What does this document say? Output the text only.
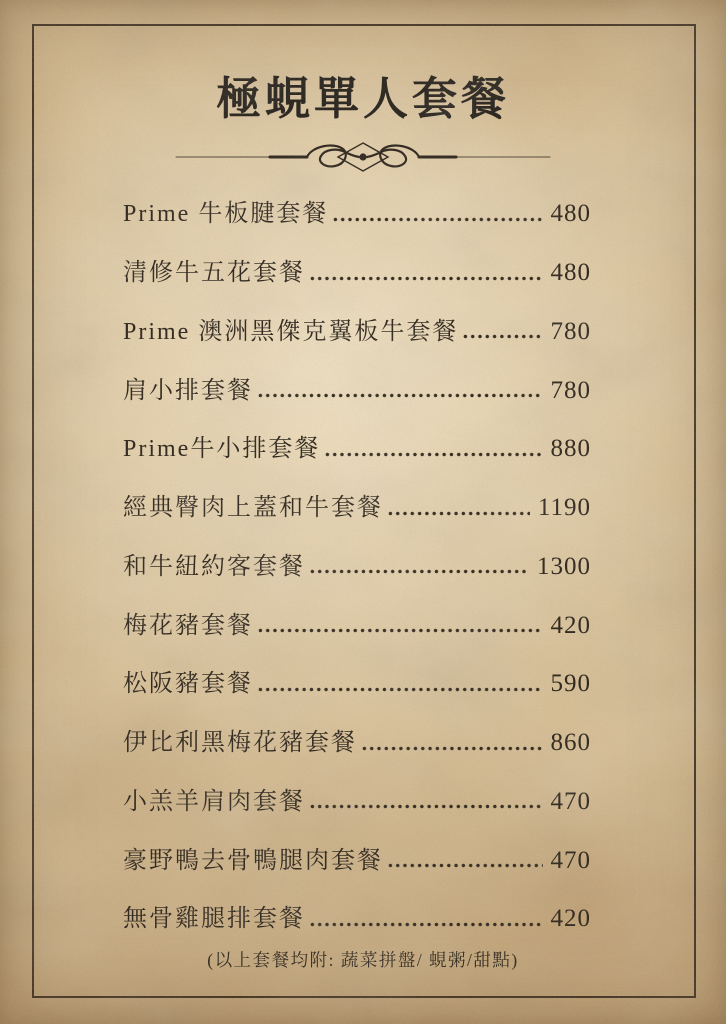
極蜆單人套餐
Prime 牛板腱套餐	480
清修牛五花套餐	480
Prime 澳洲黑傑克翼板牛套餐	780
肩小排套餐	780
Prime牛小排套餐	880
經典臀肉上蓋和牛套餐	1190
和牛紐約客套餐	1300
梅花豬套餐	420
松阪豬套餐	590
伊比利黑梅花豬套餐	860
小羔羊肩肉套餐	470
豪野鴨去骨鴨腿肉套餐	470
無骨雞腿排套餐	420
(以上套餐均附: 蔬菜拼盤/ 蜆粥/甜點)
